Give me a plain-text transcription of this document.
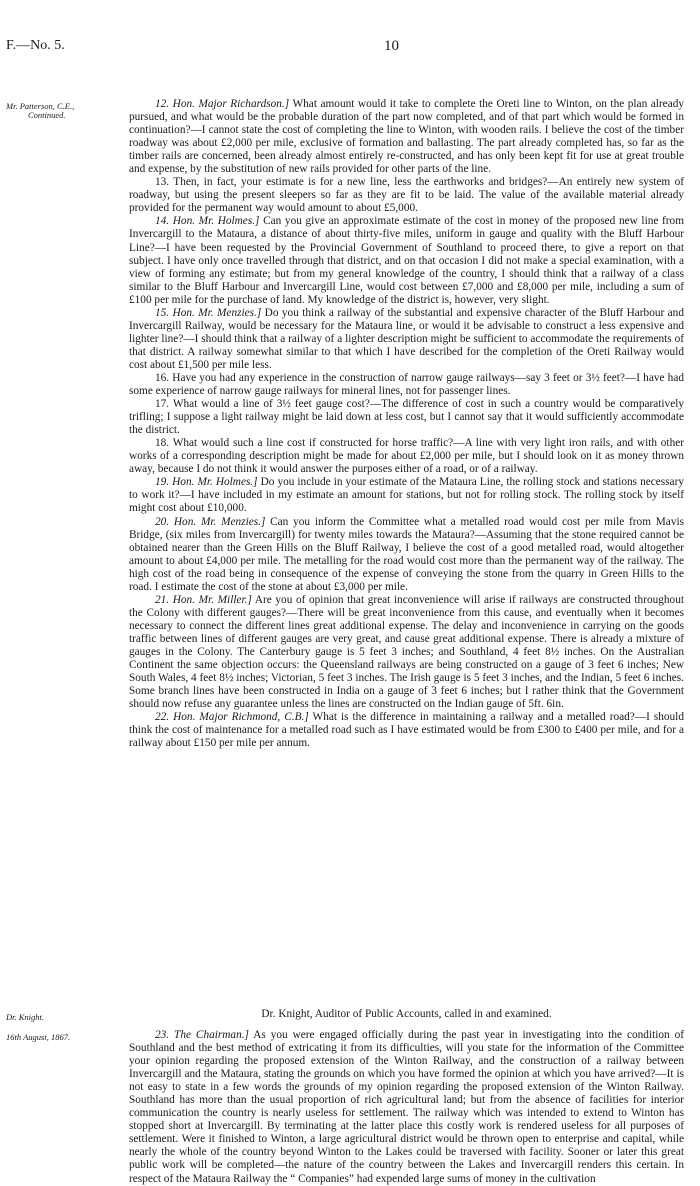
F.—No. 5.	10
Mr. Patterson, C.E.,
Continued.

12. Hon. Major Richardson.] What amount would it take to complete the Oreti line to Winton, on the plan already pursued, and what would be the probable duration of the part now completed, and of that part which would be formed in continuation?—I cannot state the cost of completing the line to Winton, with wooden rails. I believe the cost of the timber roadway was about £2,000 per mile, exclusive of formation and ballasting. The part already completed has, so far as the timber rails are concerned, been already almost entirely re-constructed, and has only been kept fit for use at great trouble and expense, by the substitution of new rails provided for other parts of the line.

13. Then, in fact, your estimate is for a new line, less the earthworks and bridges?—An entirely new system of roadway, but using the present sleepers so far as they are fit to be laid. The value of the available material already provided for the permanent way would amount to about £5,000.

14. Hon. Mr. Holmes.] Can you give an approximate estimate of the cost in money of the proposed new line from Invercargill to the Mataura, a distance of about thirty-five miles, uniform in gauge and quality with the Bluff Harbour Line?—I have been requested by the Provincial Government of Southland to proceed there, to give a report on that subject. I have only once travelled through that district, and on that occasion I did not make a special examination, with a view of forming any estimate; but from my general knowledge of the country, I should think that a railway of a class similar to the Bluff Harbour and Invercargill Line, would cost between £7,000 and £8,000 per mile, including a sum of £100 per mile for the purchase of land. My knowledge of the district is, however, very slight.

15. Hon. Mr. Menzies.] Do you think a railway of the substantial and expensive character of the Bluff Harbour and Invercargill Railway, would be necessary for the Mataura line, or would it be advisable to construct a less expensive and lighter line?—I should think that a railway of a lighter description might be sufficient to accommodate the requirements of that district. A railway somewhat similar to that which I have described for the completion of the Oreti Railway would cost about £1,500 per mile less.

16. Have you had any experience in the construction of narrow gauge railways—say 3 feet or 3½ feet?—I have had some experience of narrow gauge railways for mineral lines, not for passenger lines.

17. What would a line of 3½ feet gauge cost?—The difference of cost in such a country would be comparatively trifling; I suppose a light railway might be laid down at less cost, but I cannot say that it would sufficiently accommodate the district.

18. What would such a line cost if constructed for horse traffic?—A line with very light iron rails, and with other works of a corresponding description might be made for about £2,000 per mile, but I should look on it as money thrown away, because I do not think it would answer the purposes either of a road, or of a railway.

19. Hon. Mr. Holmes.] Do you include in your estimate of the Mataura Line, the rolling stock and stations necessary to work it?—I have included in my estimate an amount for stations, but not for rolling stock. The rolling stock by itself might cost about £10,000.

20. Hon. Mr. Menzies.] Can you inform the Committee what a metalled road would cost per mile from Mavis Bridge, (six miles from Invercargill) for twenty miles towards the Mataura?—Assuming that the stone required cannot be obtained nearer than the Green Hills on the Bluff Railway, I believe the cost of a good metalled road, would altogether amount to about £4,000 per mile. The metalling for the road would cost more than the permanent way of the railway. The high cost of the road being in consequence of the expense of conveying the stone from the quarry in Green Hills to the road. I estimate the cost of the stone at about £3,000 per mile.

21. Hon. Mr. Miller.] Are you of opinion that great inconvenience will arise if railways are constructed throughout the Colony with different gauges?—There will be great inconvenience from this cause, and eventually when it becomes necessary to connect the different lines great additional expense. The delay and inconvenience in carrying on the goods traffic between lines of different gauges are very great, and cause great additional expense. There is already a mixture of gauges in the Colony. The Canterbury gauge is 5 feet 3 inches; and Southland, 4 feet 8½ inches. On the Australian Continent the same objection occurs: the Queensland railways are being constructed on a gauge of 3 feet 6 inches; New South Wales, 4 feet 8½ inches; Victorian, 5 feet 3 inches. The Irish gauge is 5 feet 3 inches, and the Indian, 5 feet 6 inches. Some branch lines have been constructed in India on a gauge of 3 feet 6 inches; but I rather think that the Government should now refuse any guarantee unless the lines are constructed on the Indian gauge of 5ft. 6in.

22. Hon. Major Richmond, C.B.] What is the difference in maintaining a railway and a metalled road?—I should think the cost of maintenance for a metalled road such as I have estimated would be from £300 to £400 per mile, and for a railway about £150 per mile per annum.

Dr. Knight.	Dr. Knight, Auditor of Public Accounts, called in and examined.
16th August, 1867.	23. The Chairman.] As you were engaged officially during the past year in investigating into the condition of Southland and the best method of extricating it from its difficulties, will you state for the information of the Committee your opinion regarding the proposed extension of the Winton Railway, and the construction of a railway between Invercargill and the Mataura, stating the grounds on which you have formed the opinion at which you have arrived?—It is not easy to state in a few words the grounds of my opinion regarding the proposed extension of the Winton Railway. Southland has more than the usual proportion of rich agricultural land; but from the absence of facilities for interior communication the country is nearly useless for settlement. The railway which was intended to extend to Winton has stopped short at Invercargill. By terminating at the latter place this costly work is rendered useless for all purposes of settlement. Were it finished to Winton, a large agricultural district would be thrown open to enterprise and capital, while nearly the whole of the country beyond Winton to the Lakes could be traversed with facility. Sooner or later this great public work will be completed—the nature of the country between the Lakes and Invercargill renders this certain. In respect of the Mataura Railway the “ Companies” had expended large sums of money in the cultivation
